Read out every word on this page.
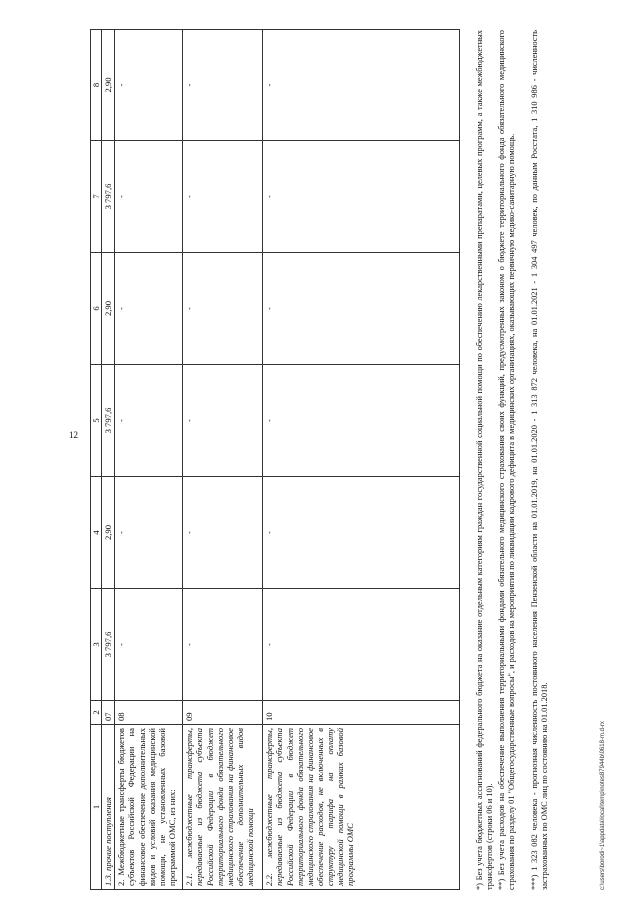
12
1	2	3	4	5	6	7	8
1.3. прочие поступления	07	3 797,6	2,90	3 797,6	2,90	3 797,6	2,90
2. Межбюджетные трансферты бюджетов субъектов Российской Федерации на финансовое обеспечение дополнительных видов и условий оказания медицинской помощи, не установленных базовой программой ОМС, из них:	08	-	-	-	-	-	-
2.1. межбюджетные трансферты, передаваемые из бюджета субъекта Российской Федерации в бюджет территориального фонда обязательного медицинского страхования на финансовое обеспечение дополнительных видов медицинской помощи	09	-	-	-	-	-	-
2.2. межбюджетные трансферты, передаваемые из бюджета субъекта Российской Федерации в бюджет территориального фонда обязательного медицинского страхования на финансовое обеспечение расходов, не включенных в структуру тарифа на оплату медицинской помощи в рамках базовой программы ОМС	10	-	-	-	-	-	-	*) Без учета бюджетных ассигнований федерального бюджета на оказание отдельным категориям граждан государственной социальной помощи по обеспечению лекарственными препаратами, целевых программ, а также межбюджетных трансфертов (строки 06 и 10). **) Без учета расходов на обеспечение выполнения территориальными фондами обязательного медицинского страхования своих функций, предусмотренных законом о бюджете территориального фонда обязательного медицинского страхования по разделу 01 "Общегосударственные вопросы", и расходов на мероприятия по ликвидации кадрового дефицита в медицинских организациях, оказывающих первичную медико-санитарную помощь. ***) 1 323 082 человека - прогнозная численность постоянного населения Пензенской области на 01.01.2019, на 01.01.2020 - 1 313 872 человека, на 01.01.2021 - 1 304 497 человек, по данным Росстата, 1 310 986 - численность застрахованных по ОМС лиц по состоянию на 01.01.2018.	c:\users\borodi~1\appdata\local\temp\notes87944b\0618-m.d-rx
